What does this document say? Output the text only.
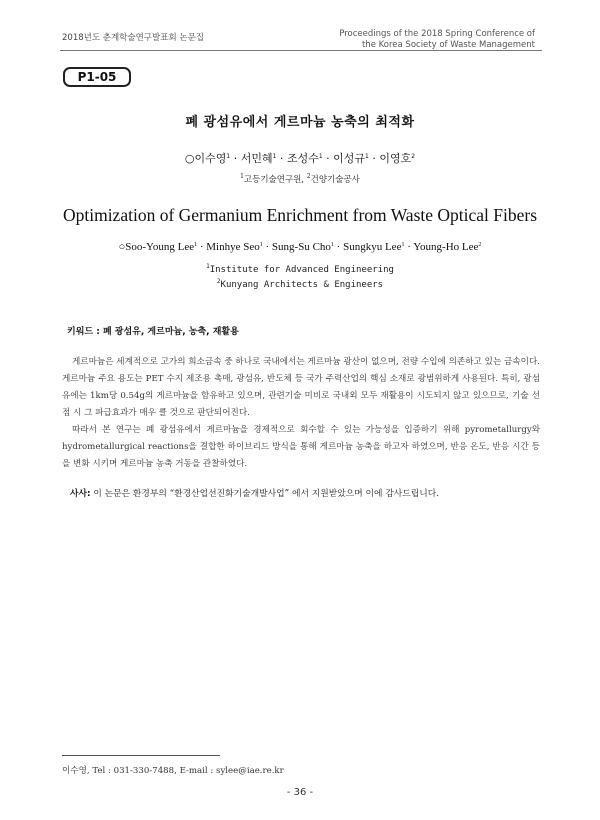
2018년도 춘계학술연구발표회 논문집	Proceedings of the 2018 Spring Conference of
the Korea Society of Waste Management
P1-05
폐 광섬유에서 게르마늄 농축의 최적화
○이수영$^1$ · 서민혜$^1$ · 조성수$^1$ · 이성규$^1$ · 이영호$^2$
$^1$고등기술연구원, $^2$건양기술공사
Optimization of Germanium Enrichment from Waste Optical Fibers
○Soo-Young Lee$^1$ · Minhye Seo$^1$ · Sung-Su Cho$^1$ · Sungkyu Lee$^1$ · Young-Ho Lee$^2$
$^1$Institute for Advanced Engineering
$^2$Kunyang Architects & Engineers
키워드 : 폐 광섬유, 게르마늄, 농축, 재활용

게르마늄은 세계적으로 고가의 희소금속 중 하나로 국내에서는 게르마늄 광산이 없으며, 전량 수입에 의존하고 있는 금속이다. 게르마늄 주요 용도는 PET 수지 제조용 촉매, 광섬유, 반도체 등 국가 주력산업의 핵심 소재로 광범위하게 사용된다. 특히, 광섬유에는 1km당 0.54g의 게르마늄을 함유하고 있으며, 관련기술 미비로 국내외 모두 재활용이 시도되지 않고 있으므로, 기술 선점 시 그 파급효과가 매우 클 것으로 판단되어진다.

따라서 본 연구는 폐 광섬유에서 게르마늄을 경제적으로 회수할 수 있는 가능성을 입증하기 위해 pyrometallurgy와 hydrometallurgical reactions을 결합한 하이브리드 방식을 통해 게르마늄 농축을 하고자 하였으며, 반응 온도, 반응 시간 등을 변화 시키며 게르마늄 농축 거동을 관찰하였다.

사사: 이 논문은 환경부의 “환경산업선진화기술개발사업” 에서 지원받았으며 이에 감사드립니다.
이수영, Tel : 031-330-7488, E-mail : sylee@iae.re.kr
- 36 -
